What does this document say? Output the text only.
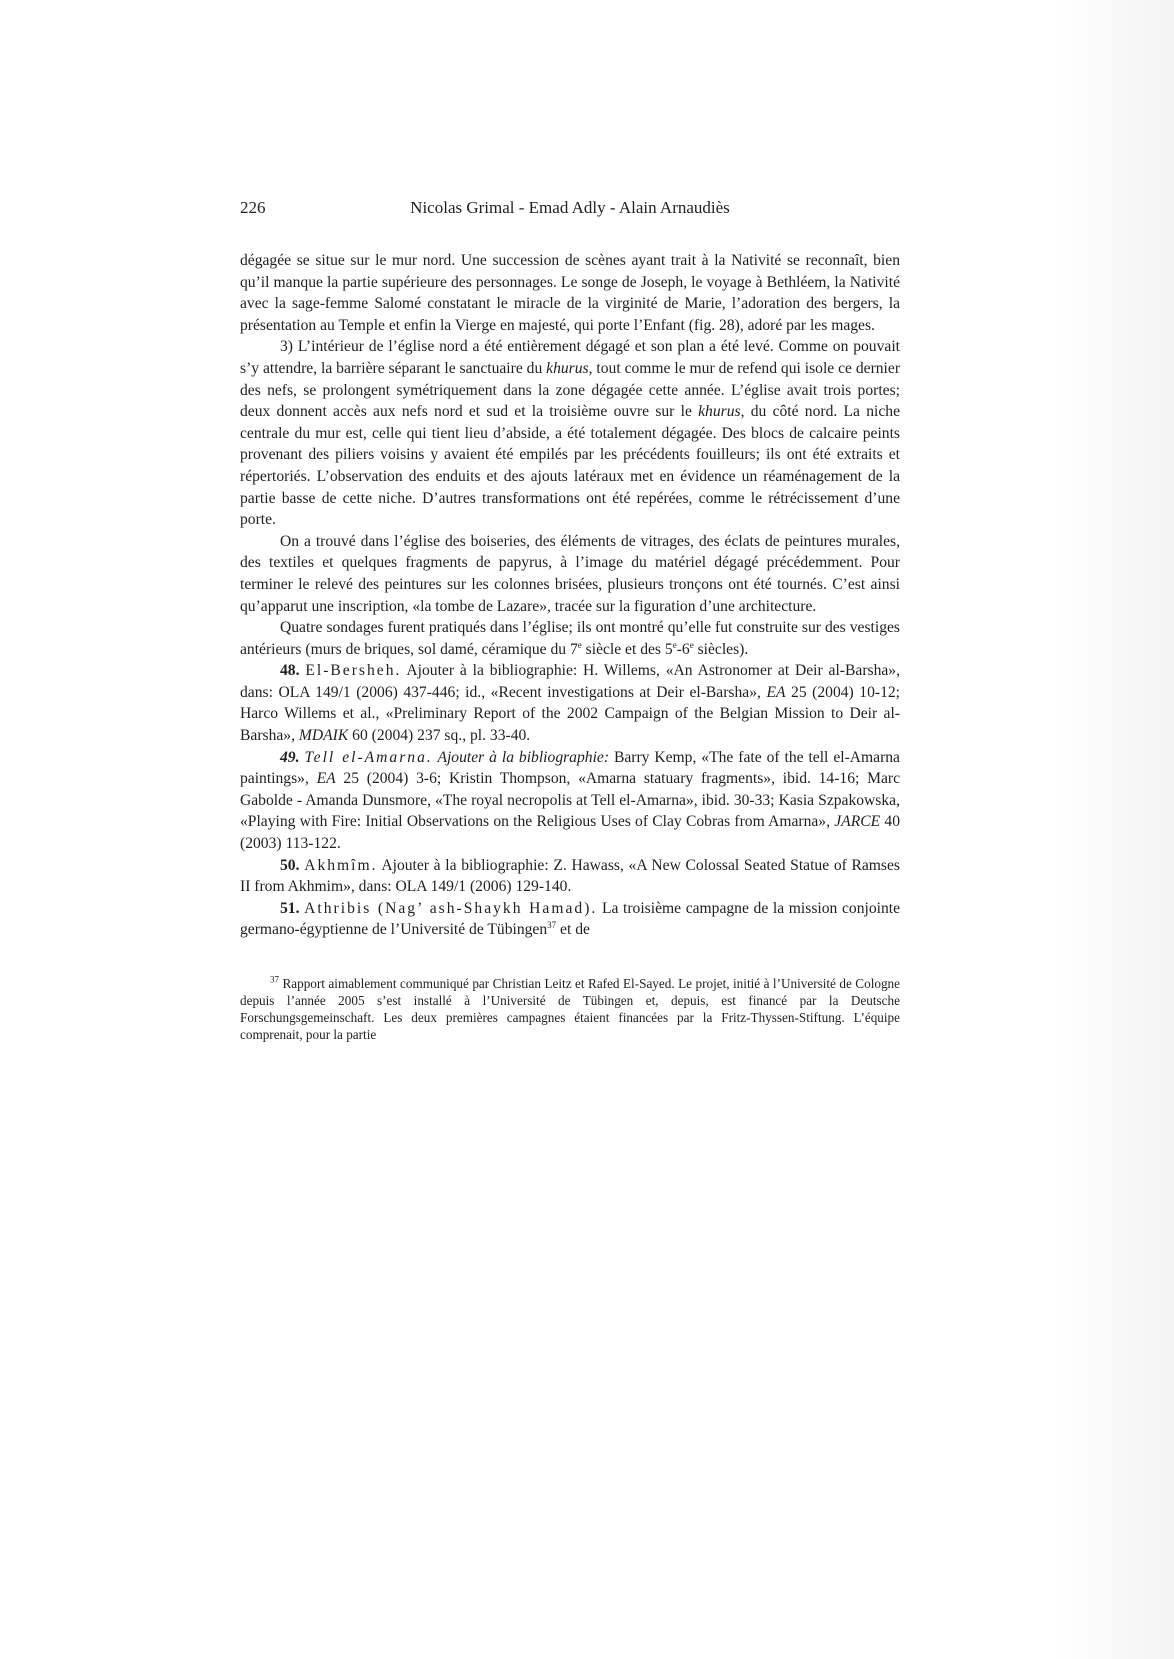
226	Nicolas Grimal - Emad Adly - Alain Arnaudiès

dégagée se situe sur le mur nord. Une succession de scènes ayant trait à la Nativité se reconnaît, bien qu’il manque la partie supérieure des personnages. Le songe de Joseph, le voyage à Bethléem, la Nativité avec la sage-femme Salomé constatant le miracle de la virginité de Marie, l’adoration des bergers, la présentation au Temple et enfin la Vierge en majesté, qui porte l’Enfant (fig. 28), adoré par les mages.

3) L’intérieur de l’église nord a été entièrement dégagé et son plan a été levé. Comme on pouvait s’y attendre, la barrière séparant le sanctuaire du khurus, tout comme le mur de refend qui isole ce dernier des nefs, se prolongent symétriquement dans la zone dégagée cette année. L’église avait trois portes; deux donnent accès aux nefs nord et sud et la troisième ouvre sur le khurus, du côté nord. La niche centrale du mur est, celle qui tient lieu d’abside, a été totalement dégagée. Des blocs de calcaire peints provenant des piliers voisins y avaient été empilés par les précédents fouilleurs; ils ont été extraits et répertoriés. L’observation des enduits et des ajouts latéraux met en évidence un réaménagement de la partie basse de cette niche. D’autres transformations ont été repérées, comme le rétrécissement d’une porte.

On a trouvé dans l’église des boiseries, des éléments de vitrages, des éclats de peintures murales, des textiles et quelques fragments de papyrus, à l’image du matériel dégagé précédemment. Pour terminer le relevé des peintures sur les colonnes brisées, plusieurs tronçons ont été tournés. C’est ainsi qu’apparut une inscription, «la tombe de Lazare», tracée sur la figuration d’une architecture.

Quatre sondages furent pratiqués dans l’église; ils ont montré qu’elle fut construite sur des vestiges antérieurs (murs de briques, sol damé, céramique du 7e siècle et des 5e-6e siècles).

48. El-Bersheh. Ajouter à la bibliographie: H. Willems, «An Astronomer at Deir al-Barsha», dans: OLA 149/1 (2006) 437-446; id., «Recent investigations at Deir el-Barsha», EA 25 (2004) 10-12; Harco Willems et al., «Preliminary Report of the 2002 Campaign of the Belgian Mission to Deir al-Barsha», MDAIK 60 (2004) 237 sq., pl. 33-40.

49. Tell el-Amarna. Ajouter à la bibliographie: Barry Kemp, «The fate of the tell el-Amarna paintings», EA 25 (2004) 3-6; Kristin Thompson, «Amarna statuary fragments», ibid. 14-16; Marc Gabolde - Amanda Dunsmore, «The royal necropolis at Tell el-Amarna», ibid. 30-33; Kasia Szpakowska, «Playing with Fire: Initial Observations on the Religious Uses of Clay Cobras from Amarna», JARCE 40 (2003) 113-122.

50. Akhmîm. Ajouter à la bibliographie: Z. Hawass, «A New Colossal Seated Statue of Ramses II from Akhmim», dans: OLA 149/1 (2006) 129-140.

51. Athribis (Nag’ ash-Shaykh Hamad). La troisième campagne de la mission conjointe germano-égyptienne de l’Université de Tübingen$^{37}$ et de

$^{37}$ Rapport aimablement communiqué par Christian Leitz et Rafed El-Sayed. Le projet, initié à l’Université de Cologne depuis l’année 2005 s’est installé à l’Université de Tübingen et, depuis, est financé par la Deutsche Forschungsgemeinschaft. Les deux premières campagnes étaient financées par la Fritz-Thyssen-Stiftung. L’équipe comprenait, pour la partie
